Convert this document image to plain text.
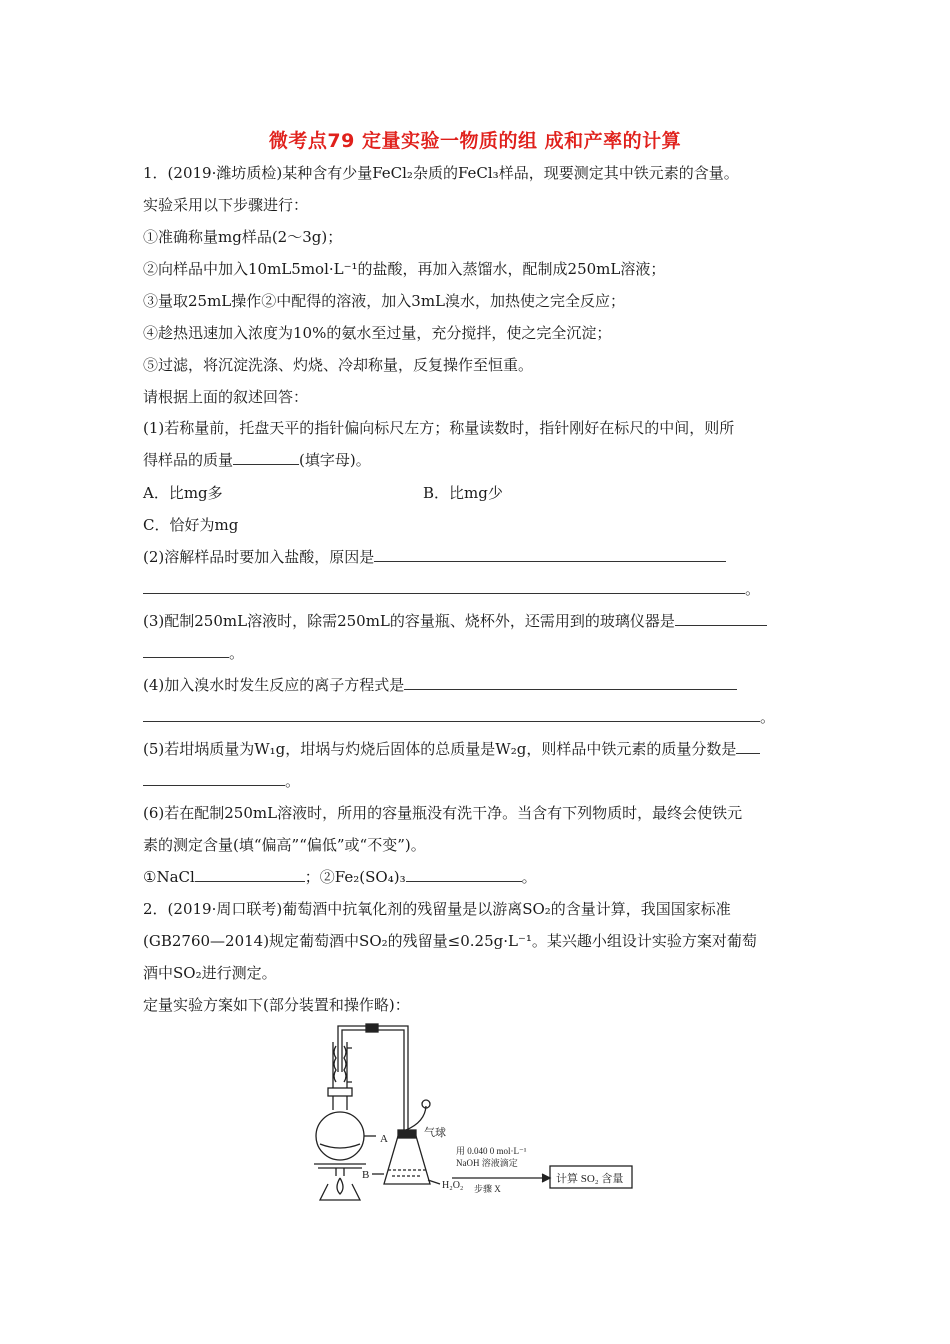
微考点79 定量实验一物质的组 成和产率的计算
1．(2019·潍坊质检)某种含有少量FeCl₂杂质的FeCl₃样品，现要测定其中铁元素的含量。
实验采用以下步骤进行：
①准确称量mg样品(2～3g)；
②向样品中加入10mL5mol·L⁻¹的盐酸，再加入蒸馏水，配制成250mL溶液；
③量取25mL操作②中配得的溶液，加入3mL溴水，加热使之完全反应；
④趁热迅速加入浓度为10%的氨水至过量，充分搅拌，使之完全沉淀；
⑤过滤，将沉淀洗涤、灼烧、冷却称量，反复操作至恒重。
请根据上面的叙述回答：
(1)若称量前，托盘天平的指针偏向标尺左方；称量读数时，指针刚好在标尺的中间，则所
得样品的质量	(填字母)。
A．比mg多	B．比mg少
C．恰好为mg
(2)溶解样品时要加入盐酸，原因是
。
(3)配制250mL溶液时，除需250mL的容量瓶、烧杯外，还需用到的玻璃仪器是
。
(4)加入溴水时发生反应的离子方程式是
。
(5)若坩埚质量为W₁g，坩埚与灼烧后固体的总质量是W₂g，则样品中铁元素的质量分数是
。
(6)若在配制250mL溶液时，所用的容量瓶没有洗干净。当含有下列物质时，最终会使铁元
素的测定含量(填“偏高”“偏低”或“不变”)。
①NaCl	；②Fe₂(SO₄)₃	。
2．(2019·周口联考)葡萄酒中抗氧化剂的残留量是以游离SO₂的含量计算，我国国家标准
(GB2760—2014)规定葡萄酒中SO₂的残留量≤0.25g·L⁻¹。某兴趣小组设计实验方案对葡萄
酒中SO₂进行测定。
定量实验方案如下(部分装置和操作略)：
A
B
气球
H₂O₂
用 0.040 0 mol·L⁻¹
NaOH 溶液滴定
步骤 X
计算 SO₂ 含量
